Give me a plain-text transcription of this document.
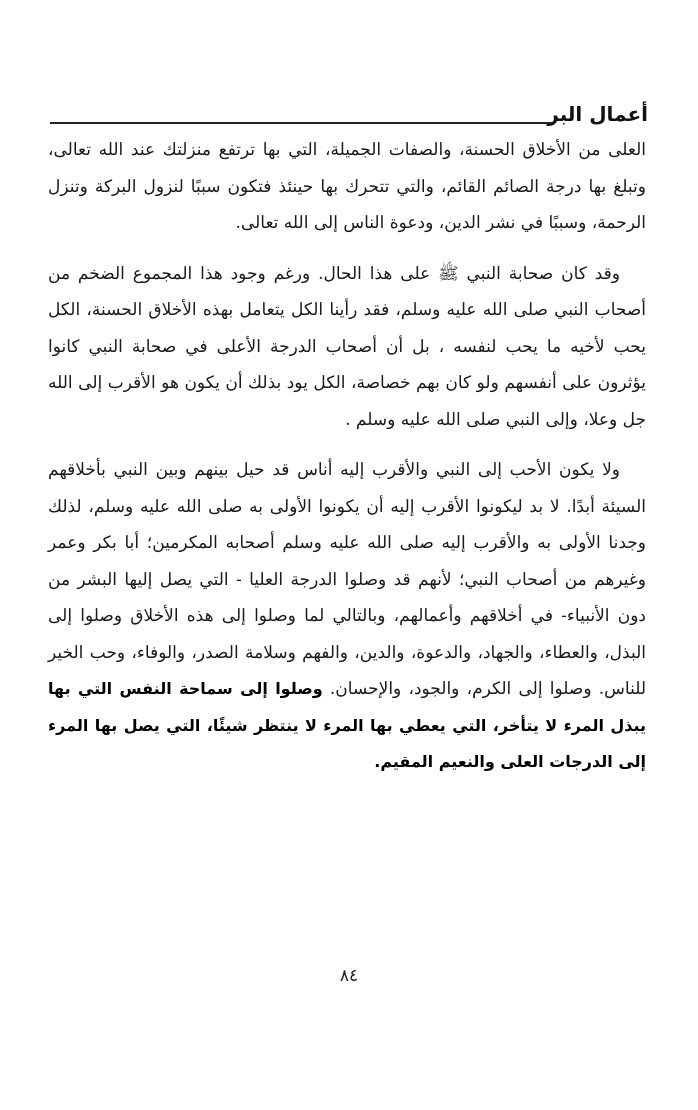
أعمال البر

العلى من الأخلاق الحسنة، والصفات الجميلة، التي بها ترتفع منزلتك عند الله تعالى، وتبلغ بها درجة الصائم القائم، والتي تتحرك بها حينئذ فتكون سببًا لنزول البركة وتنزل الرحمة، وسببًا في نشر الدين، ودعوة الناس إلى الله تعالى.

وقد كان صحابة النبي ﷺ على هذا الحال. ورغم وجود هذا المجموع الضخم من أصحاب النبي صلى الله عليه وسلم، فقد رأينا الكل يتعامل بهذه الأخلاق الحسنة، الكل يحب لأخيه ما يحب لنفسه ، بل أن أصحاب الدرجة الأعلى في صحابة النبي كانوا يؤثرون على أنفسهم ولو كان بهم خصاصة، الكل يود بذلك أن يكون هو الأقرب إلى الله جل وعلا، وإلى النبي صلى الله عليه وسلم .

ولا يكون الأحب إلى النبي والأقرب إليه أناس قد حيل بينهم وبين النبي بأخلاقهم السيئة أبدًا. لا بد ليكونوا الأقرب إليه أن يكونوا الأولى به صلى الله عليه وسلم، لذلك وجدنا الأولى به والأقرب إليه صلى الله عليه وسلم أصحابه المكرمين؛ أبا بكر وعمر وغيرهم من أصحاب النبي؛ لأنهم قد وصلوا الدرجة العليا - التي يصل إليها البشر من دون الأنبياء- في أخلاقهم وأعمالهم، وبالتالي لما وصلوا إلى هذه الأخلاق وصلوا إلى البذل، والعطاء، والجهاد، والدعوة، والدين، والفهم وسلامة الصدر، والوفاء، وحب الخير للناس. وصلوا إلى الكرم، والجود، والإحسان. وصلوا إلى سماحة النفس التي بها يبذل المرء لا يتأخر، التي يعطي بها المرء لا ينتظر شيئًا، التي يصل بها المرء إلى الدرجات العلى والنعيم المقيم.

٨٤
